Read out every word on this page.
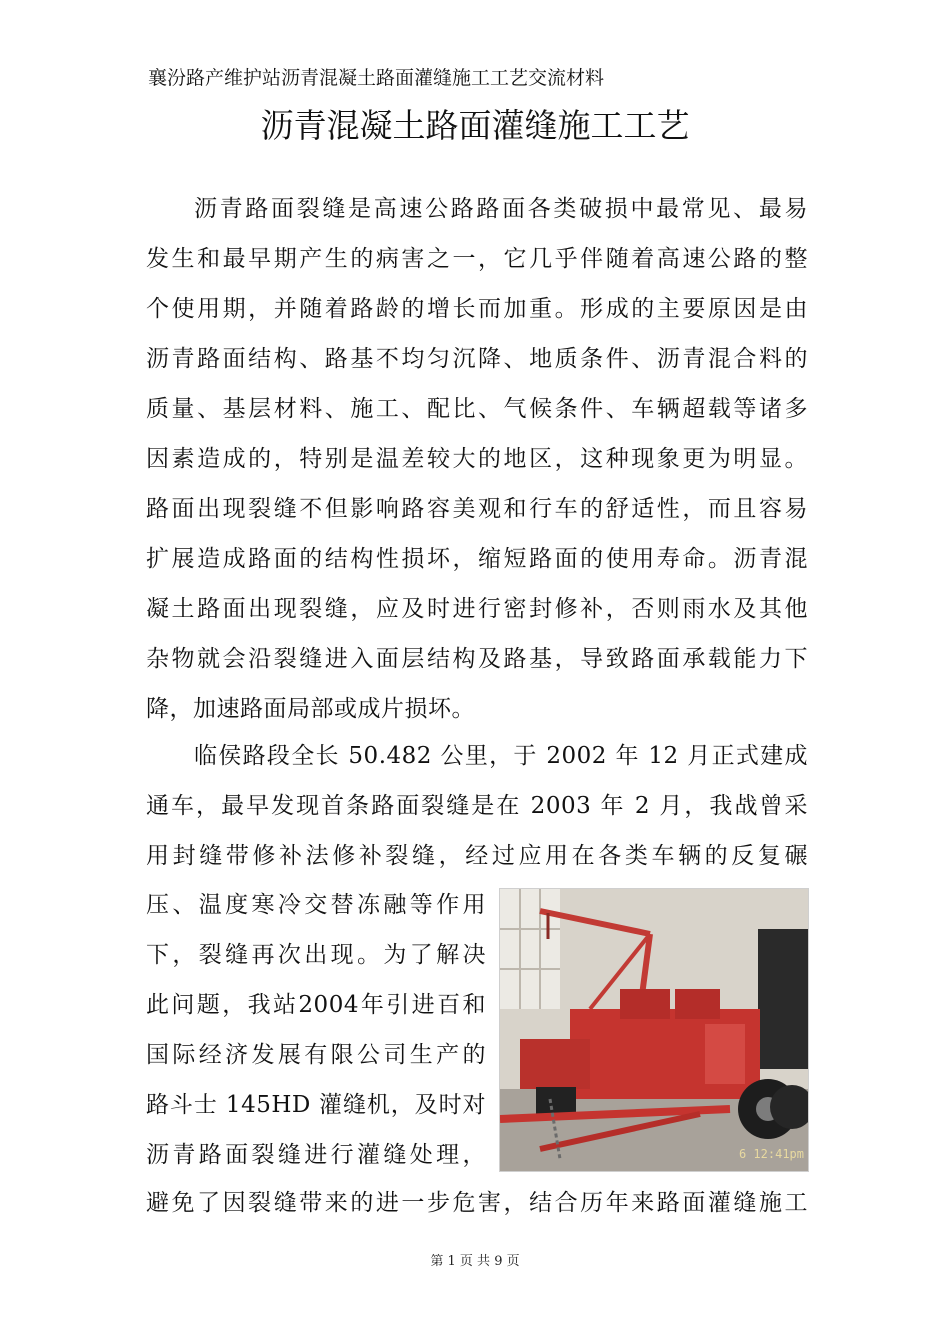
襄汾路产维护站沥青混凝土路面灌缝施工工艺交流材料
沥青混凝土路面灌缝施工工艺
沥青路面裂缝是高速公路路面各类破损中最常见、最易
发生和最早期产生的病害之一，它几乎伴随着高速公路的整
个使用期，并随着路龄的增长而加重。形成的主要原因是由
沥青路面结构、路基不均匀沉降、地质条件、沥青混合料的
质量、基层材料、施工、配比、气候条件、车辆超载等诸多
因素造成的，特别是温差较大的地区，这种现象更为明显。
路面出现裂缝不但影响路容美观和行车的舒适性，而且容易
扩展造成路面的结构性损坏，缩短路面的使用寿命。沥青混
凝土路面出现裂缝，应及时进行密封修补，否则雨水及其他
杂物就会沿裂缝进入面层结构及路基，导致路面承载能力下
降，加速路面局部或成片损坏。
临侯路段全长 50.482 公里，于 2002 年 12 月正式建成
通车，最早发现首条路面裂缝是在 2003 年 2 月，我战曾采
用封缝带修补法修补裂缝，经过应用在各类车辆的反复碾
压、温度寒冷交替冻融等作用
下，裂缝再次出现。为了解决
此问题，我站2004年引进百和
国际经济发展有限公司生产的
路斗士 145HD 灌缝机，及时对
沥青路面裂缝进行灌缝处理，	6 12:41pm
避免了因裂缝带来的进一步危害，结合历年来路面灌缝施工
第 1 页 共 9 页
